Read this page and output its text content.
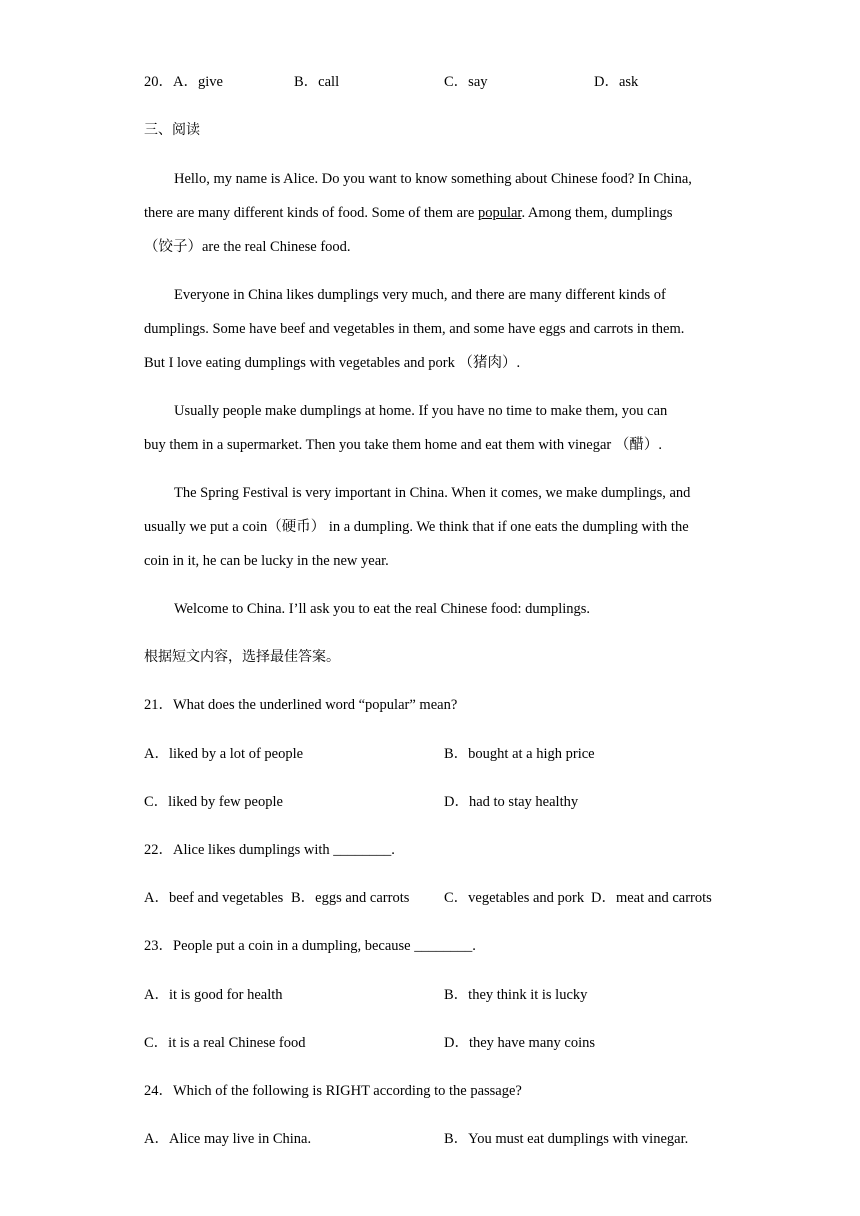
20． A．give	B．call	C．say	D．ask
三、阅读
Hello, my name is Alice. Do you want to know something about Chinese food? In China,
there are many different kinds of food. Some of them are popular. Among them, dumplings
（饺子）are the real Chinese food.
Everyone in China likes dumplings very much, and there are many different kinds of
dumplings. Some have beef and vegetables in them, and some have eggs and carrots in them.
But I love eating dumplings with vegetables and pork （猪肉）.
Usually people make dumplings at home. If you have no time to make them, you can
buy them in a supermarket. Then you take them home and eat them with vinegar （醋）.
The Spring Festival is very important in China. When it comes, we make dumplings, and
usually we put a coin（硬币） in a dumpling. We think that if one eats the dumpling with the
coin in it, he can be lucky in the new year.
Welcome to China. I’ll ask you to eat the real Chinese food: dumplings.
根据短文内容，选择最佳答案。
21．What does the underlined word “popular” mean?
A．liked by a lot of people	B．bought at a high price
C．liked by few people	D．had to stay healthy
22．Alice likes dumplings with ________.
A．beef and vegetables B．eggs and carrots C．vegetables and pork D．meat and carrots
23．People put a coin in a dumpling, because ________.
A．it is good for health	B．they think it is lucky
C．it is a real Chinese food	D．they have many coins
24．Which of the following is RIGHT according to the passage?
A．Alice may live in China.	B．You must eat dumplings with vinegar.
